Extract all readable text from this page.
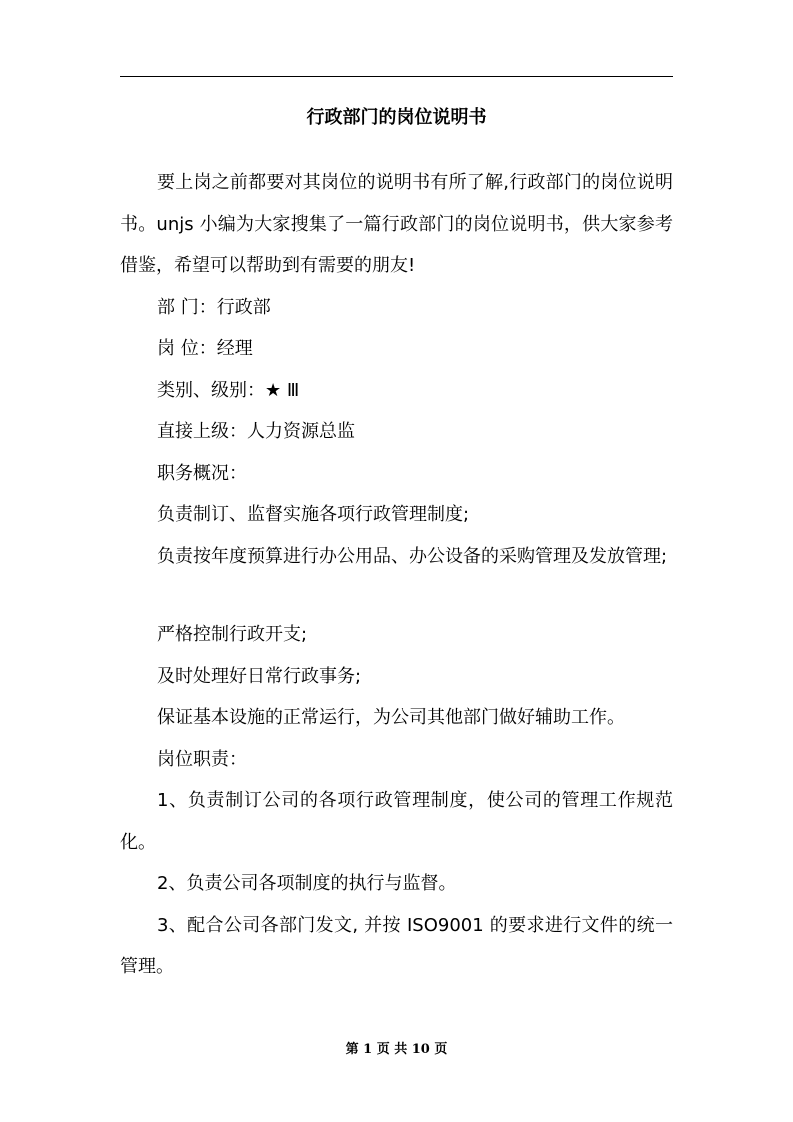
行政部门的岗位说明书

要上岗之前都要对其岗位的说明书有所了解,行政部门的岗位说明书。unjs 小编为大家搜集了一篇行政部门的岗位说明书，供大家参考借鉴，希望可以帮助到有需要的朋友!

部 门：行政部

岗 位：经理

类别、级别：★ Ⅲ

直接上级：人力资源总监

职务概况：

负责制订、监督实施各项行政管理制度;

负责按年度预算进行办公用品、办公设备的采购管理及发放管理;

严格控制行政开支;

及时处理好日常行政事务;

保证基本设施的正常运行，为公司其他部门做好辅助工作。

岗位职责：

1、负责制订公司的各项行政管理制度，使公司的管理工作规范化。

2、负责公司各项制度的执行与监督。

3、配合公司各部门发文, 并按 ISO9001 的要求进行文件的统一管理。

第 1 页 共 10 页
